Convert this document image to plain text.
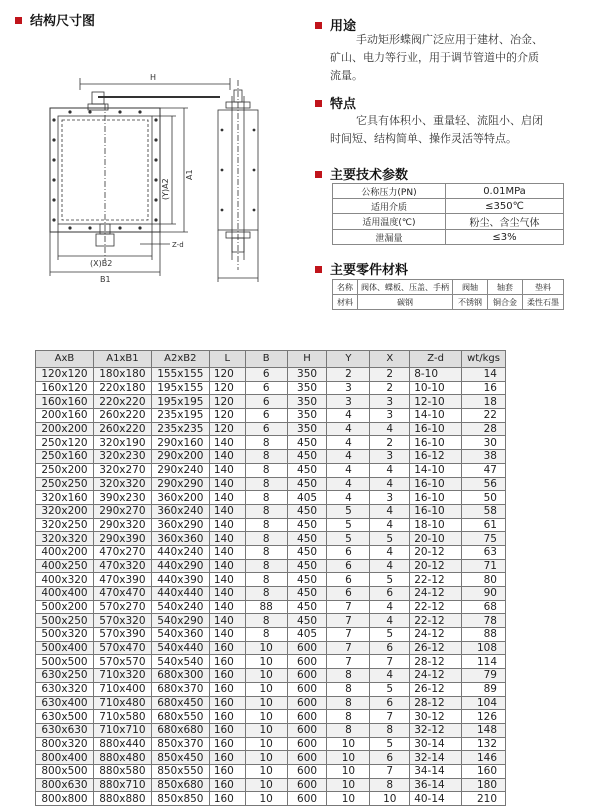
结构尺寸图
H
(Y)A2
A1
(X)B2
B1
Z-d
用途
手动矩形蝶阀广泛应用于建材、冶金、
矿山、电力等行业，用于调节管道中的介质
流量。
特点
它具有体积小、重量轻、流阻小、启闭
时间短、结构简单、操作灵活等特点。
主要技术参数
公称压力(PN)	0.01MPa
适用介质	≤350℃
适用温度(℃)	粉尘、含尘气体
泄漏量	≤3%
主要零件材料
名称	阀体、蝶板、压盖、手柄	阀轴	轴套	垫料
材料	碳钢	不锈钢	铜合金	柔性石墨
AxB	A1xB1	A2xB2	L	B	H	Y	X	Z-d	wt/kgs
120x120	180x180	155x155	120	6	350	2	2	8-10	14
160x120	220x180	195x155	120	6	350	3	2	10-10	16
160x160	220x220	195x195	120	6	350	3	3	12-10	18
200x160	260x220	235x195	120	6	350	4	3	14-10	22
200x200	260x220	235x235	120	6	350	4	4	16-10	28
250x120	320x190	290x160	140	8	450	4	2	16-10	30
250x160	320x230	290x200	140	8	450	4	3	16-12	38
250x200	320x270	290x240	140	8	450	4	4	14-10	47
250x250	320x320	290x290	140	8	450	4	4	16-10	56
320x160	390x230	360x200	140	8	405	4	3	16-10	50
320x200	290x270	360x240	140	8	450	5	4	16-10	58
320x250	290x320	360x290	140	8	450	5	4	18-10	61
320x320	290x390	360x360	140	8	450	5	5	20-10	75
400x200	470x270	440x240	140	8	450	6	4	20-12	63
400x250	470x320	440x290	140	8	450	6	4	20-12	71
400x320	470x390	440x390	140	8	450	6	5	22-12	80
400x400	470x470	440x440	140	8	450	6	6	24-12	90
500x200	570x270	540x240	140	88	450	7	4	22-12	68
500x250	570x320	540x290	140	8	450	7	4	22-12	78
500x320	570x390	540x360	140	8	405	7	5	24-12	88
500x400	570x470	540x440	160	10	600	7	6	26-12	108
500x500	570x570	540x540	160	10	600	7	7	28-12	114
630x250	710x320	680x300	160	10	600	8	4	24-12	79
630x320	710x400	680x370	160	10	600	8	5	26-12	89
630x400	710x480	680x450	160	10	600	8	6	28-12	104
630x500	710x580	680x550	160	10	600	8	7	30-12	126
630x630	710x710	680x680	160	10	600	8	8	32-12	148
800x320	880x440	850x370	160	10	600	10	5	30-14	132
800x400	880x480	850x450	160	10	600	10	6	32-14	146
800x500	880x580	850x550	160	10	600	10	7	34-14	160
800x630	880x710	850x680	160	10	600	10	8	36-14	180
800x800	880x880	850x850	160	10	600	10	10	40-14	210
